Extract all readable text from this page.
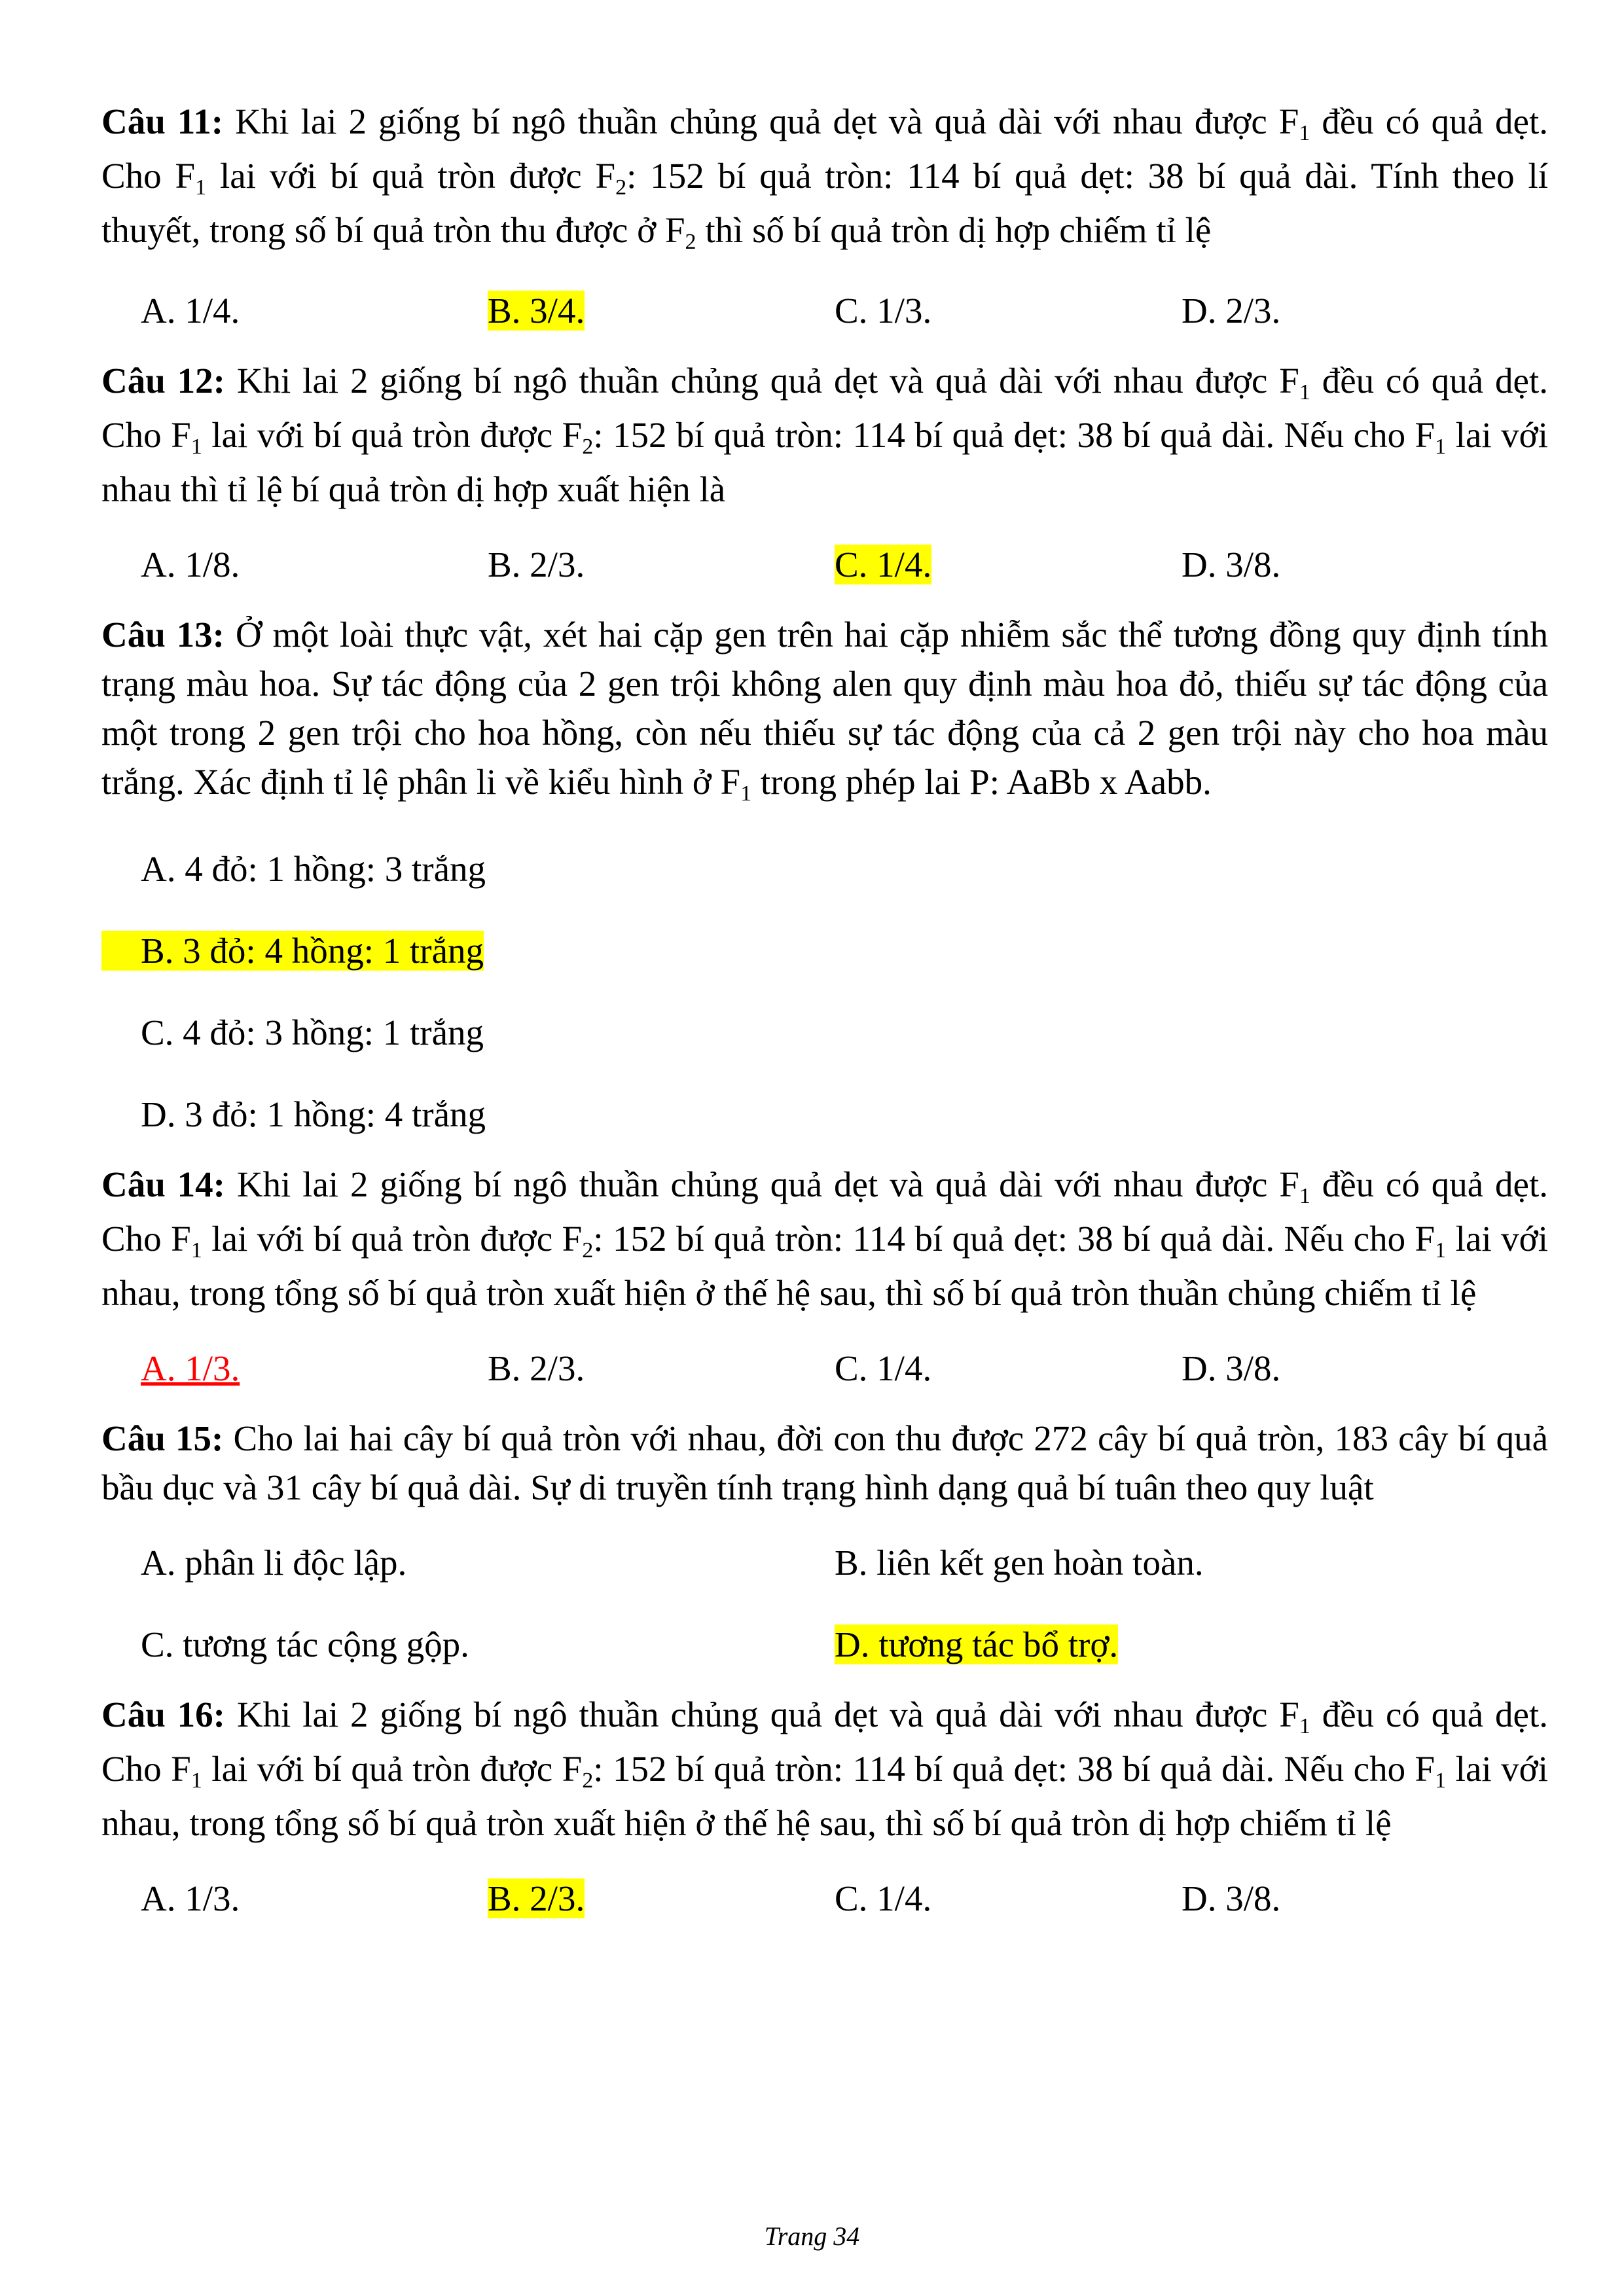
Câu 11: Khi lai 2 giống bí ngô thuần chủng quả dẹt và quả dài với nhau được $F_1$ đều có quả dẹt. Cho $F_1$ lai với bí quả tròn được $F_2$: 152 bí quả tròn: 114 bí quả dẹt: 38 bí quả dài. Tính theo lí thuyết, trong số bí quả tròn thu được ở $F_2$ thì số bí quả tròn dị hợp chiếm tỉ lệ

A. 1/4.	B. 3/4.	C. 1/3.	D. 2/3.

Câu 12: Khi lai 2 giống bí ngô thuần chủng quả dẹt và quả dài với nhau được $F_1$ đều có quả dẹt. Cho $F_1$ lai với bí quả tròn được $F_2$: 152 bí quả tròn: 114 bí quả dẹt: 38 bí quả dài. Nếu cho $F_1$ lai với nhau thì tỉ lệ bí quả tròn dị hợp xuất hiện là

A. 1/8.	B. 2/3.	C. 1/4.	D. 3/8.

Câu 13: Ở một loài thực vật, xét hai cặp gen trên hai cặp nhiễm sắc thể tương đồng quy định tính trạng màu hoa. Sự tác động của 2 gen trội không alen quy định màu hoa đỏ, thiếu sự tác động của một trong 2 gen trội cho hoa hồng, còn nếu thiếu sự tác động của cả 2 gen trội này cho hoa màu trắng. Xác định tỉ lệ phân li về kiểu hình ở $F_1$ trong phép lai P: AaBb x Aabb.

A. 4 đỏ: 1 hồng: 3 trắng
B. 3 đỏ: 4 hồng: 1 trắng
C. 4 đỏ: 3 hồng: 1 trắng
D. 3 đỏ: 1 hồng: 4 trắng

Câu 14: Khi lai 2 giống bí ngô thuần chủng quả dẹt và quả dài với nhau được $F_1$ đều có quả dẹt. Cho $F_1$ lai với bí quả tròn được $F_2$: 152 bí quả tròn: 114 bí quả dẹt: 38 bí quả dài. Nếu cho $F_1$ lai với nhau, trong tổng số bí quả tròn xuất hiện ở thế hệ sau, thì số bí quả tròn thuần chủng chiếm tỉ lệ

A. 1/3.	B. 2/3.	C. 1/4.	D. 3/8.

Câu 15: Cho lai hai cây bí quả tròn với nhau, đời con thu được 272 cây bí quả tròn, 183 cây bí quả bầu dục và 31 cây bí quả dài. Sự di truyền tính trạng hình dạng quả bí tuân theo quy luật

A. phân li độc lập.	B. liên kết gen hoàn toàn.
C. tương tác cộng gộp.	D. tương tác bổ trợ.

Câu 16: Khi lai 2 giống bí ngô thuần chủng quả dẹt và quả dài với nhau được $F_1$ đều có quả dẹt. Cho $F_1$ lai với bí quả tròn được $F_2$: 152 bí quả tròn: 114 bí quả dẹt: 38 bí quả dài. Nếu cho $F_1$ lai với nhau, trong tổng số bí quả tròn xuất hiện ở thế hệ sau, thì số bí quả tròn dị hợp chiếm tỉ lệ

A. 1/3.	B. 2/3.	C. 1/4.	D. 3/8.
Trang 34
